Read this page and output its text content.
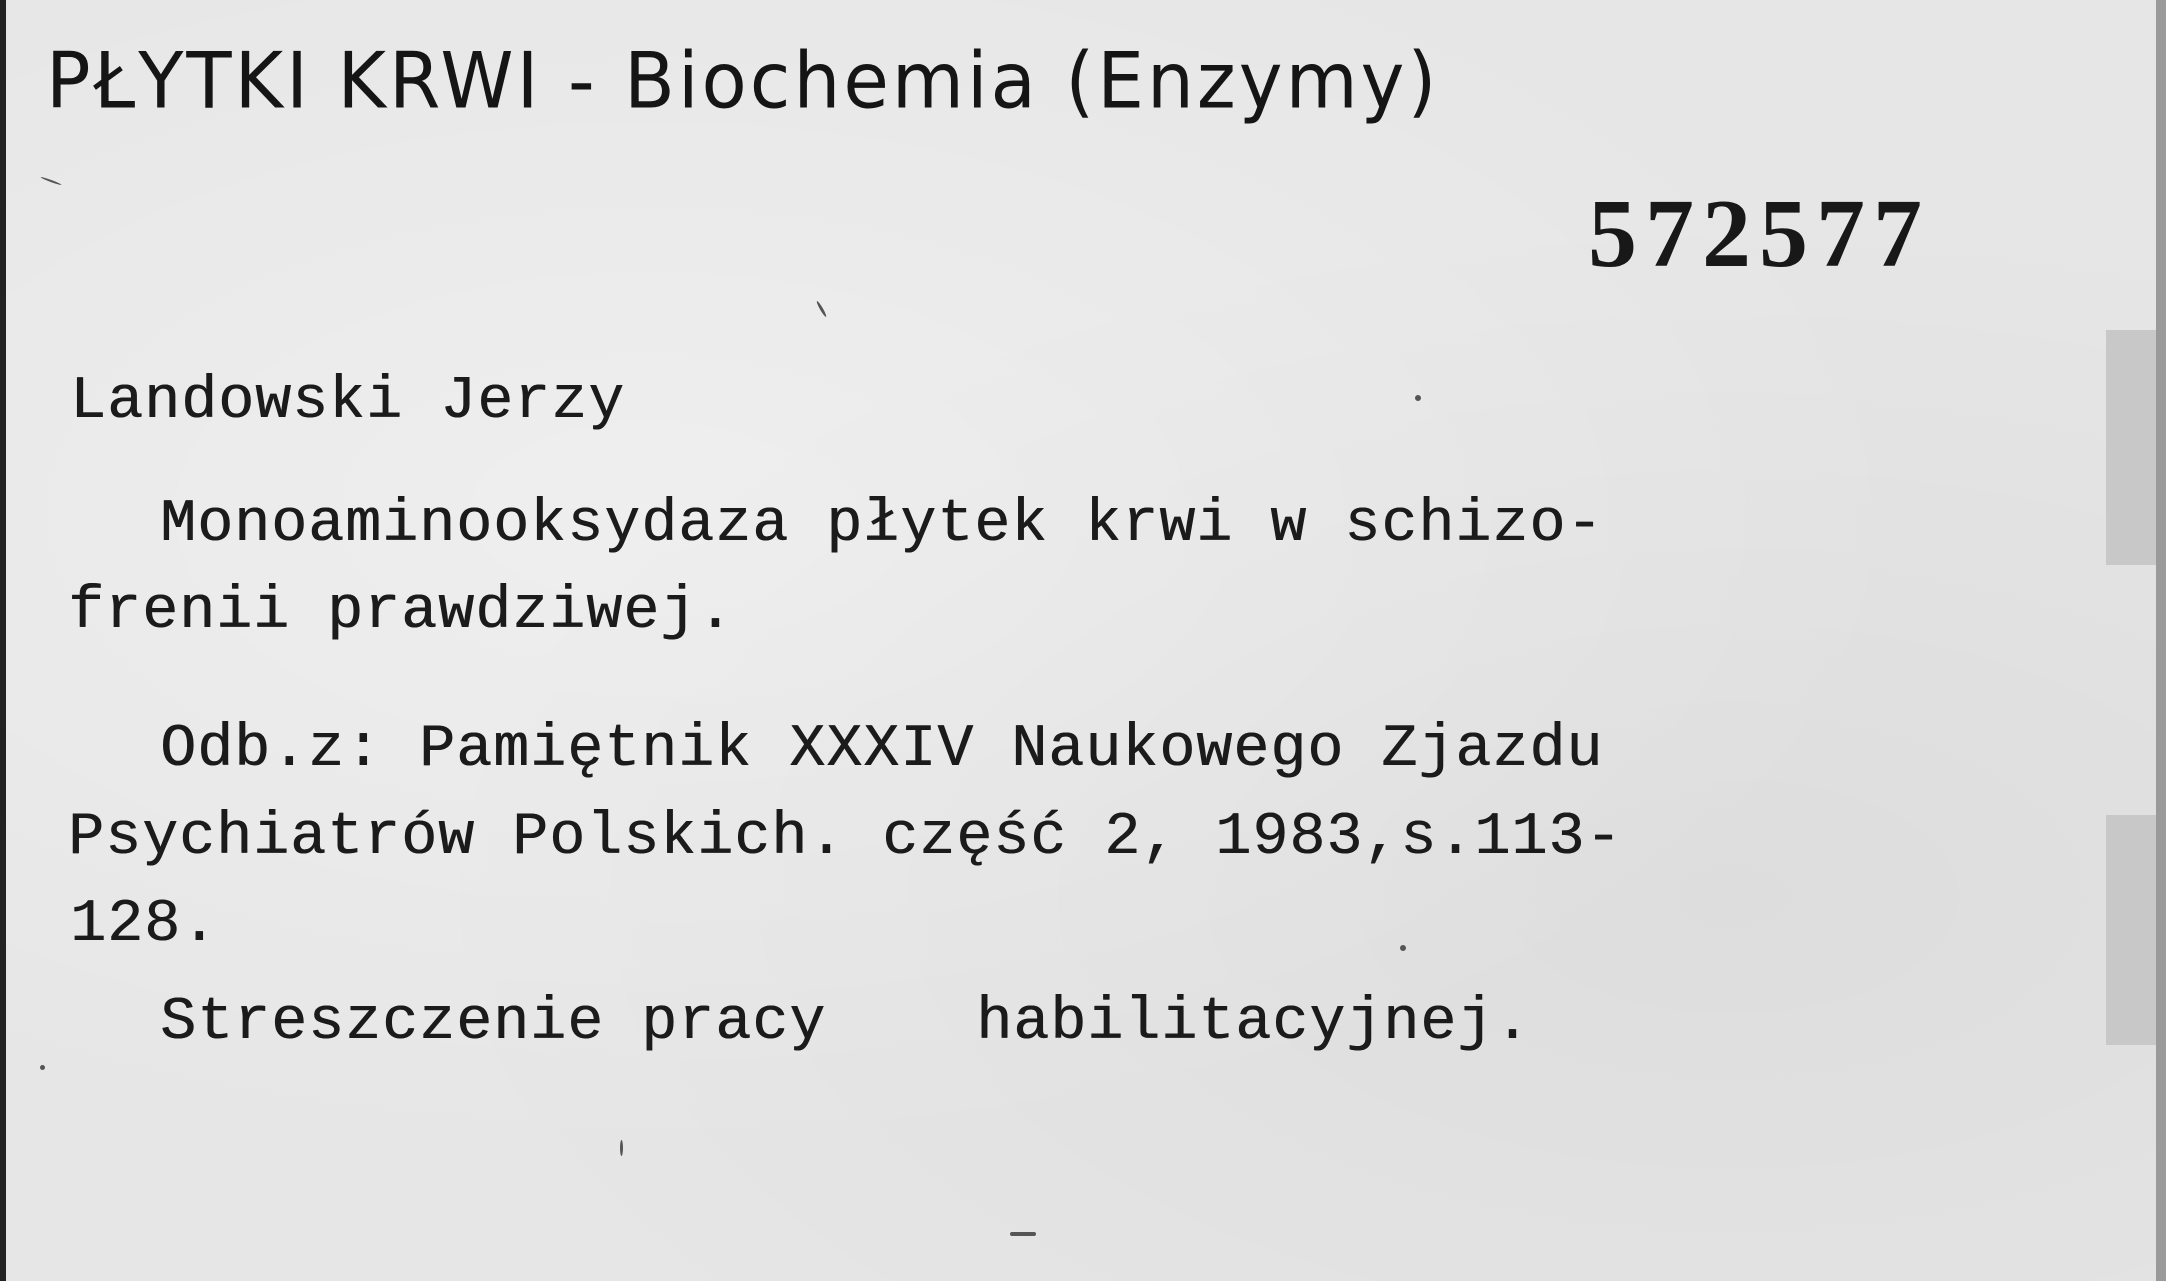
PŁYTKI KRWI - Biochemia (Enzymy)
572577
Landowski Jerzy
Monoaminooksydaza płytek krwi w schizo-
frenii prawdziwej.
Odb.z: Pamiętnik XXXIV Naukowego Zjazdu
Psychiatrów Polskich. część 2, 1983,s.113-
128.
Streszczenie pracy	habilitacyjnej.
